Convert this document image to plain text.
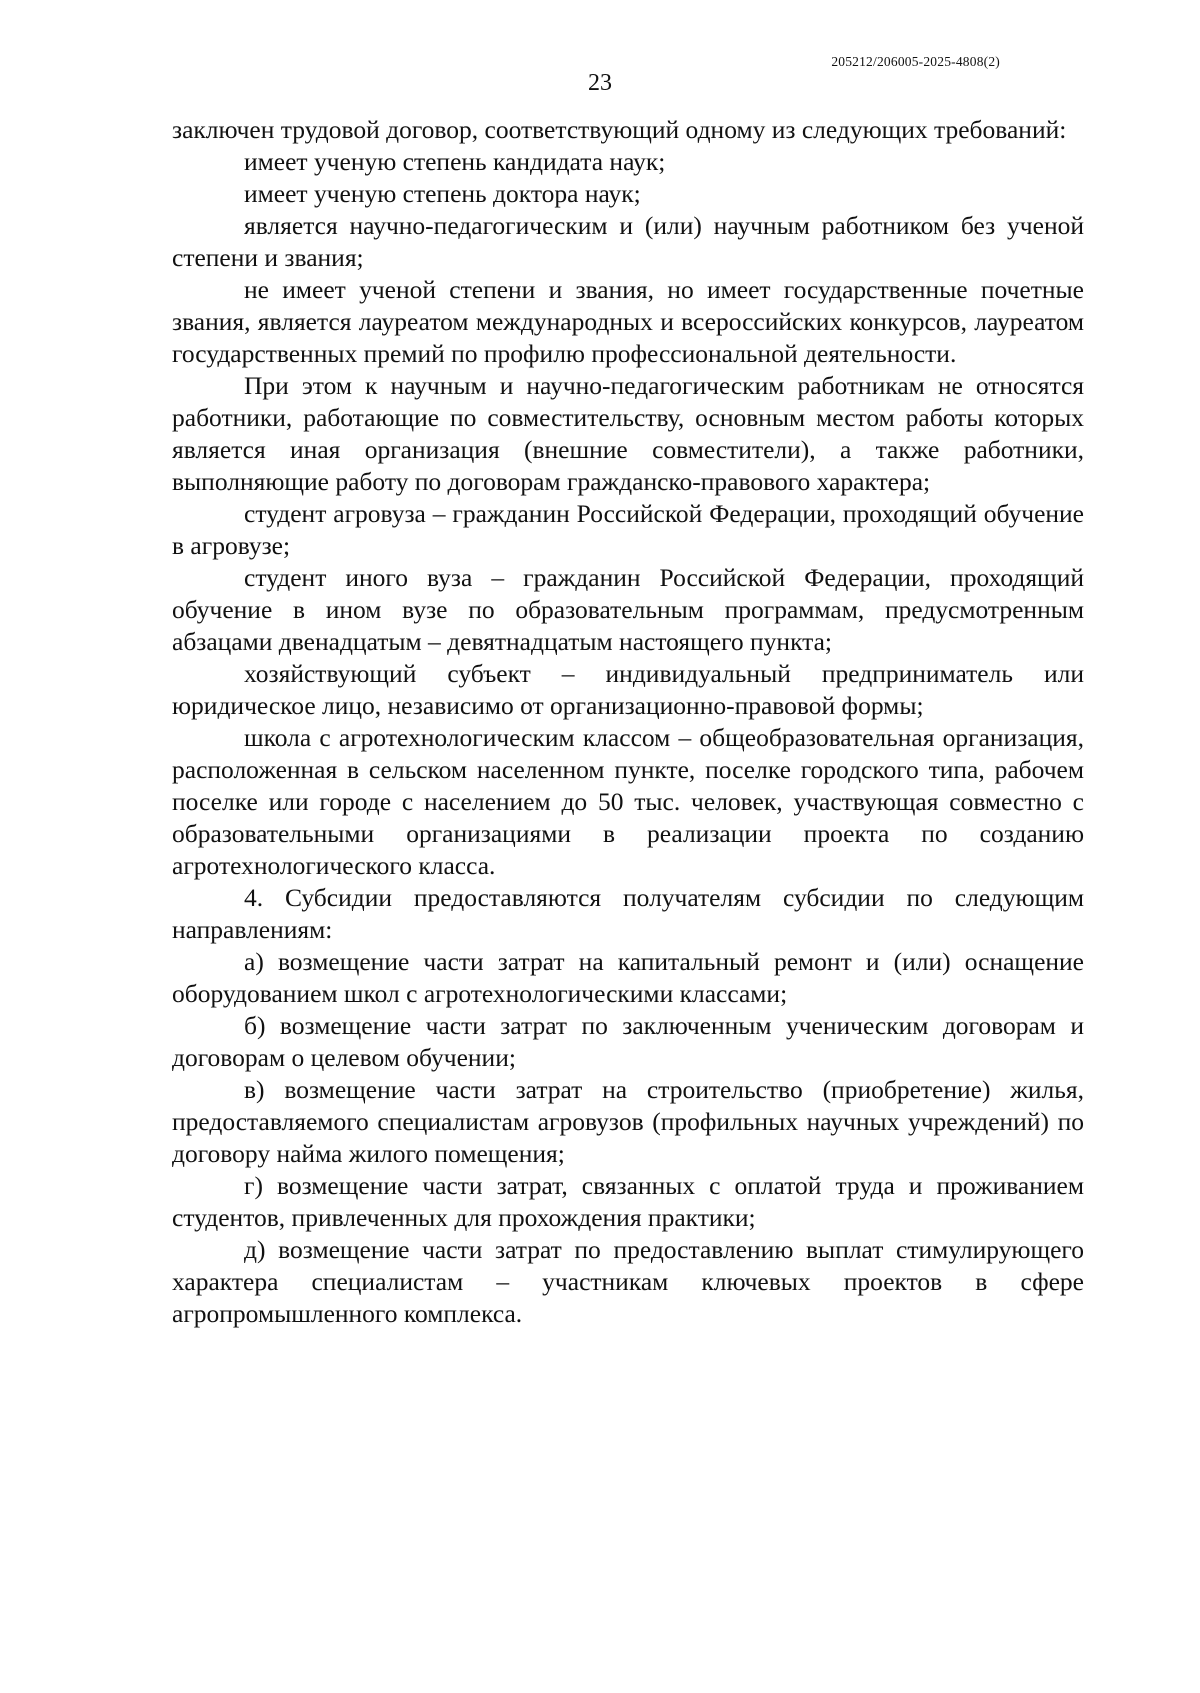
205212/206005-2025-4808(2)
23

заключен трудовой договор, соответствующий одному из следующих требований:

имеет ученую степень кандидата наук;

имеет ученую степень доктора наук;

является научно-педагогическим и (или) научным работником без ученой степени и звания;

не имеет ученой степени и звания, но имеет государственные почетные звания, является лауреатом международных и всероссийских конкурсов, лауреатом государственных премий по профилю профессиональной деятельности.

При этом к научным и научно-педагогическим работникам не относятся работники, работающие по совместительству, основным местом работы которых является иная организация (внешние совместители), а также работники, выполняющие работу по договорам гражданско-правового характера;

студент агровуза – гражданин Российской Федерации, проходящий обучение в агровузе;

студент иного вуза – гражданин Российской Федерации, проходящий обучение в ином вузе по образовательным программам, предусмотренным абзацами двенадцатым – девятнадцатым настоящего пункта;

хозяйствующий субъект – индивидуальный предприниматель или юридическое лицо, независимо от организационно-правовой формы;

школа с агротехнологическим классом – общеобразовательная организация, расположенная в сельском населенном пункте, поселке городского типа, рабочем поселке или городе с населением до 50 тыс. человек, участвующая совместно с образовательными организациями в реализации проекта по созданию агротехнологического класса.

4. Субсидии предоставляются получателям субсидии по следующим направлениям:

а) возмещение части затрат на капитальный ремонт и (или) оснащение оборудованием школ с агротехнологическими классами;

б) возмещение части затрат по заключенным ученическим договорам и договорам о целевом обучении;

в) возмещение части затрат на строительство (приобретение) жилья, предоставляемого специалистам агровузов (профильных научных учреждений) по договору найма жилого помещения;

г) возмещение части затрат, связанных с оплатой труда и проживанием студентов, привлеченных для прохождения практики;

д) возмещение части затрат по предоставлению выплат стимулирующего характера специалистам – участникам ключевых проектов в сфере агропромышленного комплекса.
